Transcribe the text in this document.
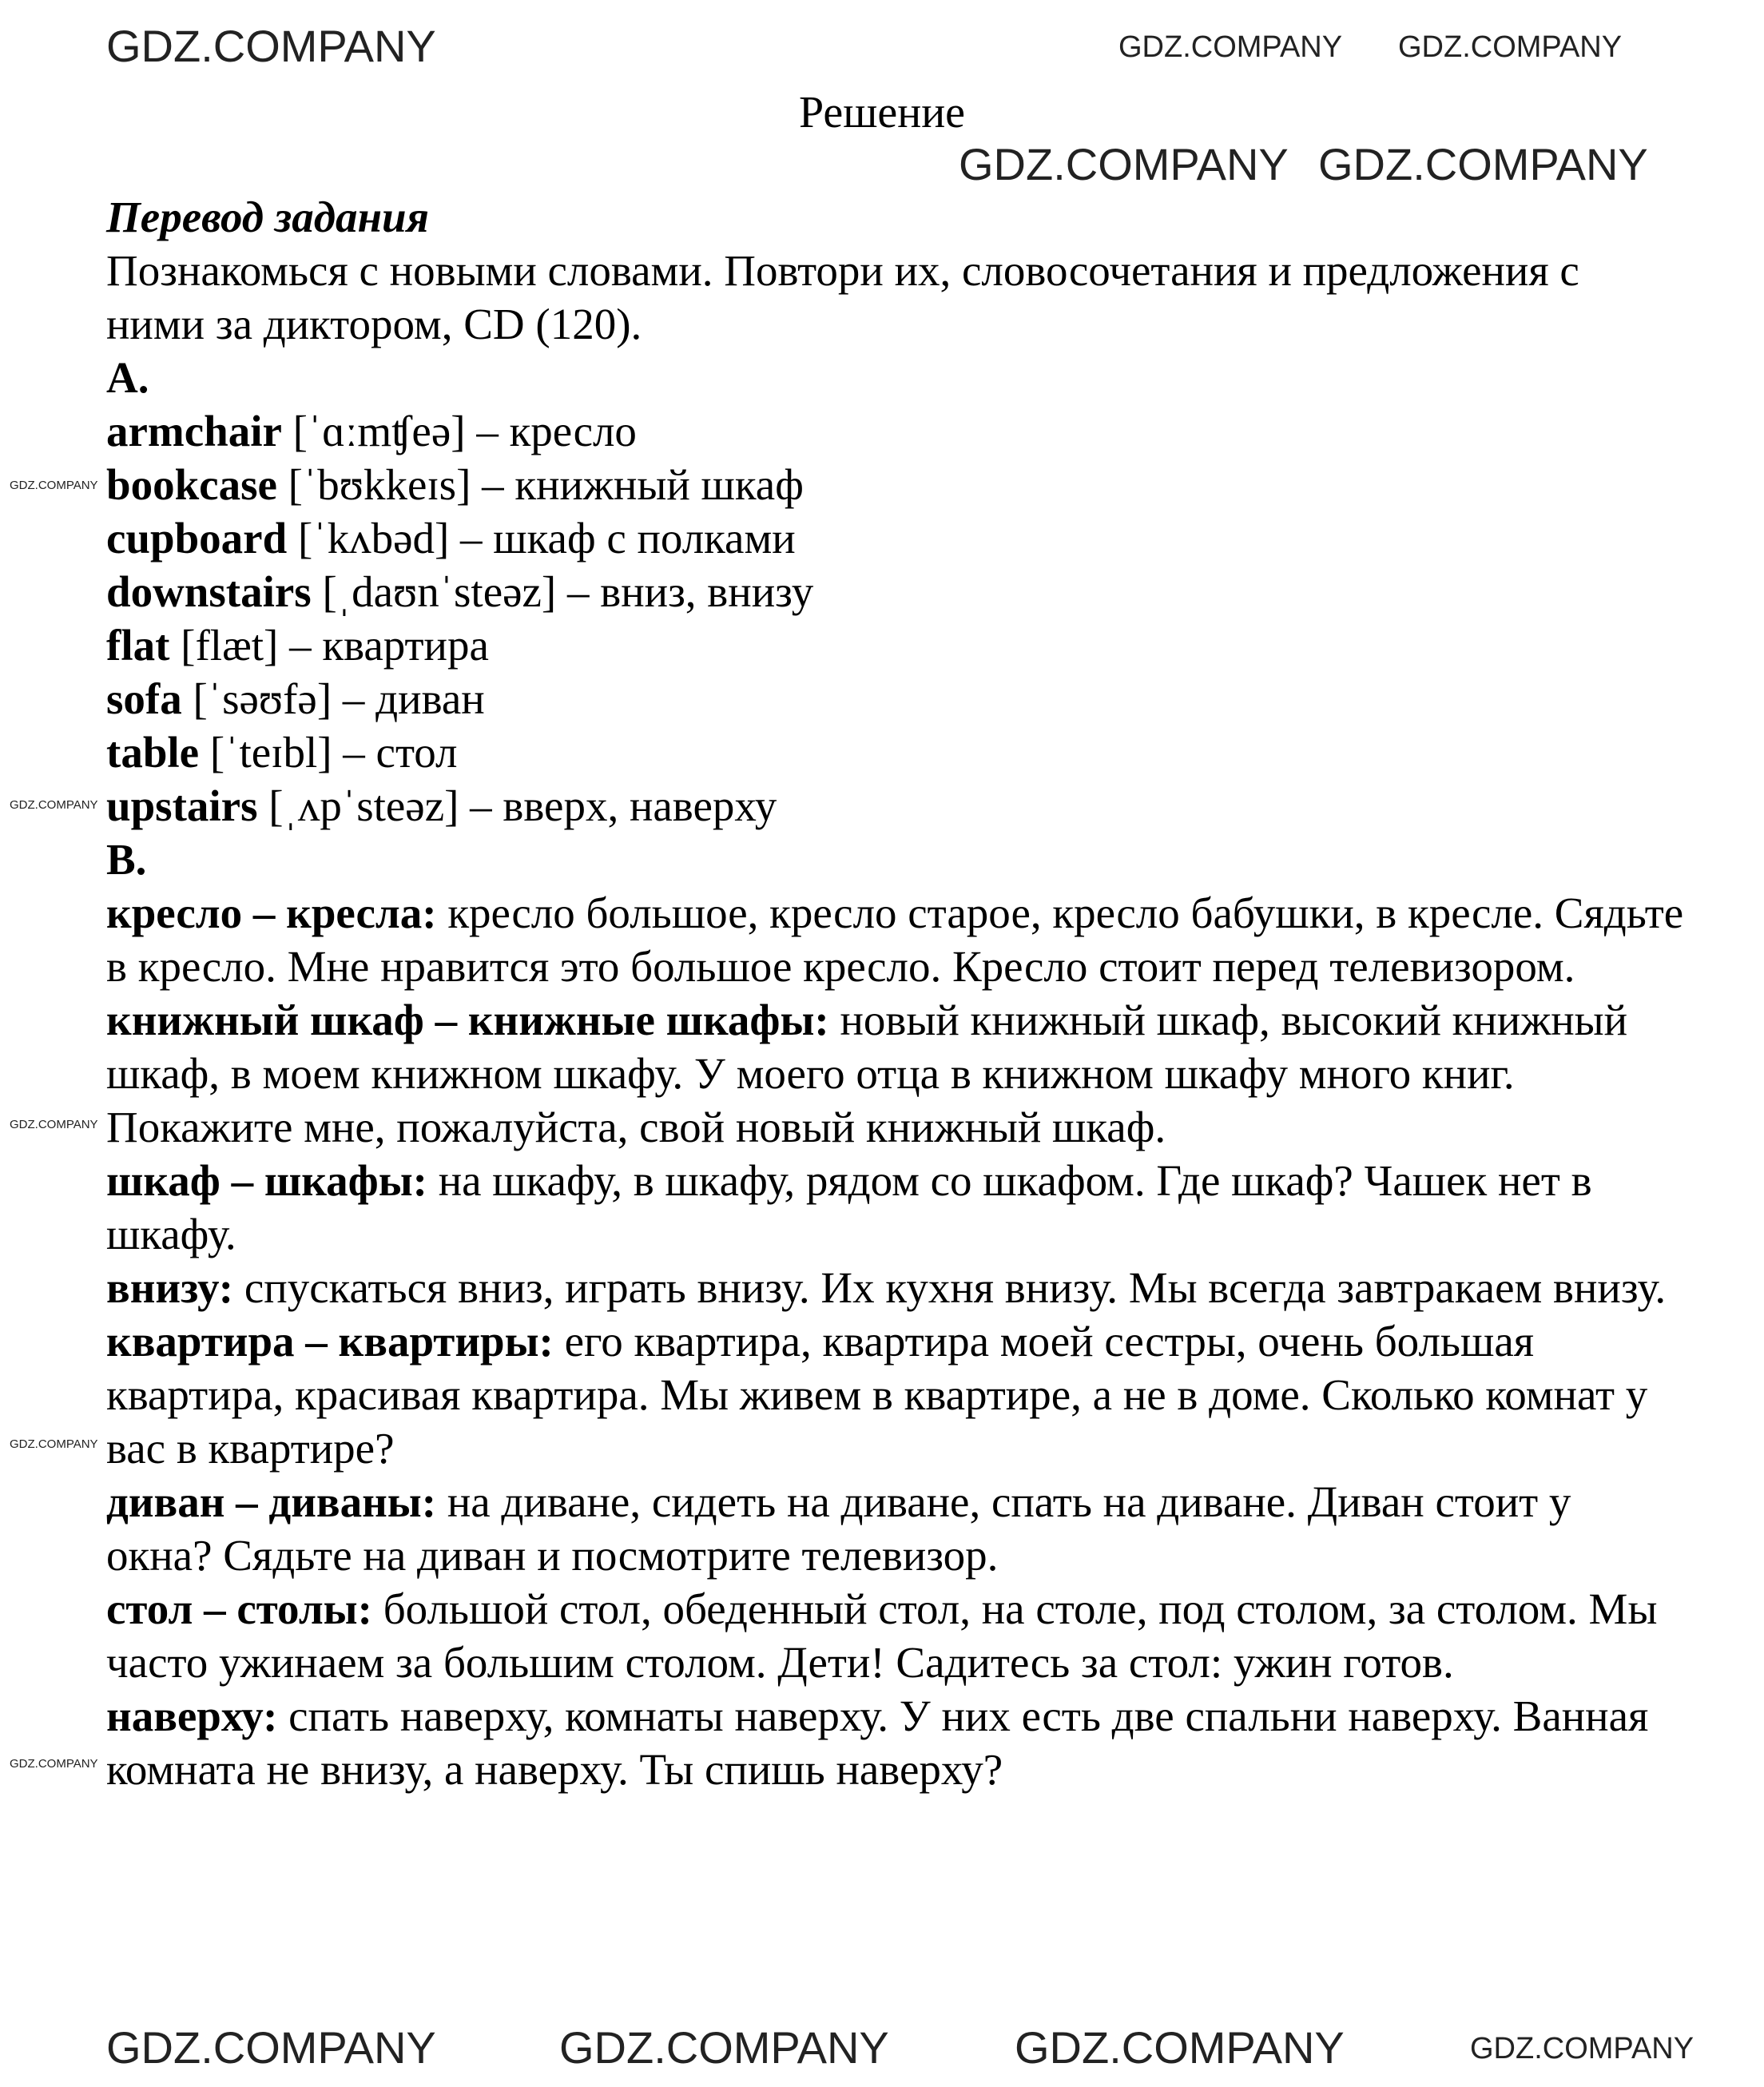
Решение

Перевод задания

Познакомься с новыми словами. Повтори их, словосочетания и предложения с ними за диктором, CD (120).

A.

armchair [ˈɑːmʧeə] – кресло

bookcase [ˈbʊkkeɪs] – книжный шкаф

cupboard [ˈkʌbəd] – шкаф с полками

downstairs [ˌdaʊnˈsteəz] – вниз, внизу

flat [flæt] – квартира

sofa [ˈsəʊfə] – диван

table [ˈteɪbl] – стол

upstairs [ˌʌpˈsteəz] – вверх, наверху

B.

кресло – кресла: кресло большое, кресло старое, кресло бабушки, в кресле. Сядьте в кресло. Мне нравится это большое кресло. Кресло стоит перед телевизором.

книжный шкаф – книжные шкафы: новый книжный шкаф, высокий книжный шкаф, в моем книжном шкафу. У моего отца в книжном шкафу много книг. Покажите мне, пожалуйста, свой новый книжный шкаф.

шкаф – шкафы: на шкафу, в шкафу, рядом со шкафом. Где шкаф? Чашек нет в шкафу.

внизу: спускаться вниз, играть внизу. Их кухня внизу. Мы всегда завтракаем внизу.

квартира – квартиры: его квартира, квартира моей сестры, очень большая квартира, красивая квартира. Мы живем в квартире, а не в доме. Сколько комнат у вас в квартире?

диван – диваны: на диване, сидеть на диване, спать на диване. Диван стоит у окна? Сядьте на диван и посмотрите телевизор.

стол – столы: большой стол, обеденный стол, на столе, под столом, за столом. Мы часто ужинаем за большим столом. Дети! Садитесь за стол: ужин готов.

наверху: спать наверху, комнаты наверху. У них есть две спальни наверху. Ванная комната не внизу, а наверху. Ты спишь наверху?

GDZ.COMPANY	GDZ.COMPANY GDZ.COMPANY
GDZ.COMPANY GDZ.COMPANY
GDZ.COMPANY
GDZ.COMPANY
GDZ.COMPANY
GDZ.COMPANY
GDZ.COMPANY
GDZ.COMPANY	GDZ.COMPANY	GDZ.COMPANY	GDZ.COMPANY
